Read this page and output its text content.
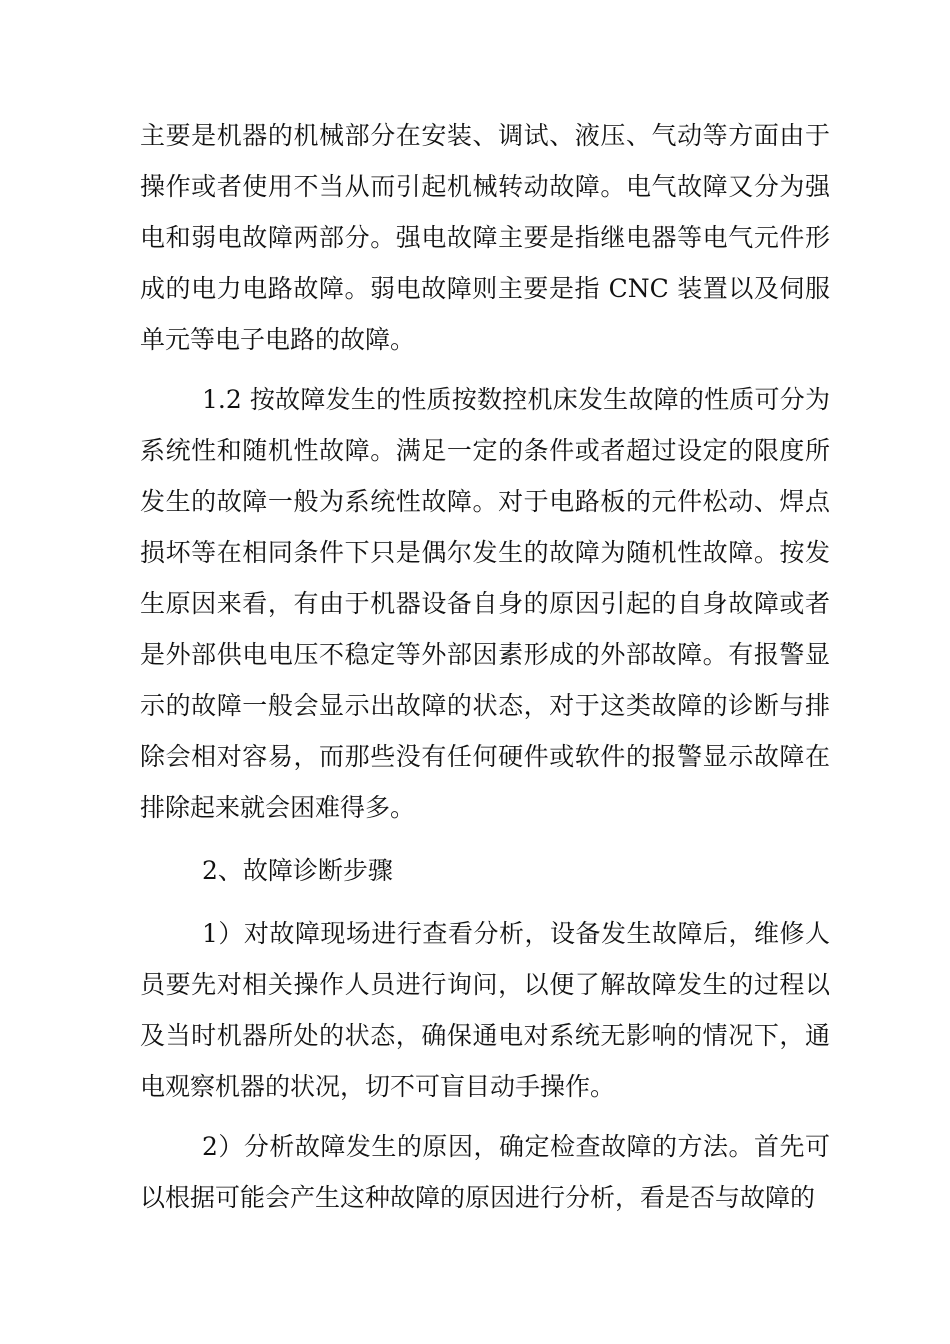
主要是机器的机械部分在安装、调试、液压、气动等方面由于操作或者使用不当从而引起机械转动故障。电气故障又分为强电和弱电故障两部分。强电故障主要是指继电器等电气元件形成的电力电路故障。弱电故障则主要是指 CNC 装置以及伺服单元等电子电路的故障。

1.2 按故障发生的性质按数控机床发生故障的性质可分为系统性和随机性故障。满足一定的条件或者超过设定的限度所发生的故障一般为系统性故障。对于电路板的元件松动、焊点损坏等在相同条件下只是偶尔发生的故障为随机性故障。按发生原因来看，有由于机器设备自身的原因引起的自身故障或者是外部供电电压不稳定等外部因素形成的外部故障。有报警显示的故障一般会显示出故障的状态，对于这类故障的诊断与排除会相对容易，而那些没有任何硬件或软件的报警显示故障在排除起来就会困难得多。

2、故障诊断步骤

1）对故障现场进行查看分析，设备发生故障后，维修人员要先对相关操作人员进行询问，以便了解故障发生的过程以及当时机器所处的状态，确保通电对系统无影响的情况下，通电观察机器的状况，切不可盲目动手操作。

2）分析故障发生的原因，确定检查故障的方法。首先可以根据可能会产生这种故障的原因进行分析，看是否与故障的
